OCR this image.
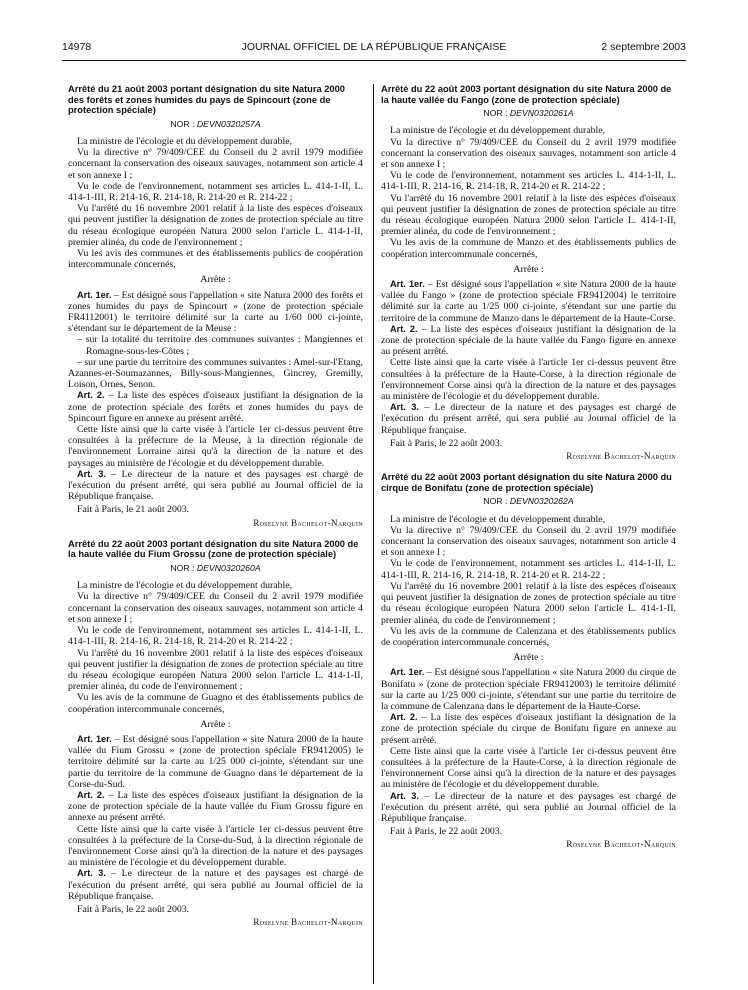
14978	JOURNAL OFFICIEL DE LA RÉPUBLIQUE FRANÇAISE	2 septembre 2003
Arrêté du 21 août 2003 portant désignation du site Natura 2000 des forêts et zones humides du pays de Spincourt (zone de protection spéciale)
NOR : DEVN0320257A

La ministre de l'écologie et du développement durable,

Vu la directive n° 79/409/CEE du Conseil du 2 avril 1979 modifiée concernant la conservation des oiseaux sauvages, notamment son article 4 et son annexe I ;

Vu le code de l'environnement, notamment ses articles L. 414-1-II, L. 414-1-III, R. 214-16, R. 214-18, R. 214-20 et R. 214-22 ;

Vu l'arrêté du 16 novembre 2001 relatif à la liste des espèces d'oiseaux qui peuvent justifier la désignation de zones de protection spéciale au titre du réseau écologique européen Natura 2000 selon l'article L. 414-1-II, premier alinéa, du code de l'environnement ;

Vu les avis des communes et des établissements publics de coopération intercommunale concernés,

Arrête :

Art. 1er. – Est désigné sous l'appellation « site Natura 2000 des forêts et zones humides du pays de Spincourt » (zone de protection spéciale FR4112001) le territoire délimité sur la carte au 1/60 000 ci-jointe, s'étendant sur le département de la Meuse :

– sur la totalité du territoire des communes suivantes : Mangiennes et Romagne-sous-les-Côtes ;

– sur une partie du territoire des communes suivantes : Amel-sur-l'Etang, Azannes-et-Soumazannes, Billy-sous-Mangiennes, Gincrey, Gremilly, Loison, Ornes, Senon.

Art. 2. – La liste des espèces d'oiseaux justifiant la désignation de la zone de protection spéciale des forêts et zones humides du pays de Spincourt figure en annexe au présent arrêté.

Cette liste ainsi que la carte visée à l'article 1er ci-dessus peuvent être consultées à la préfecture de la Meuse, à la direction régionale de l'environnement Lorraine ainsi qu'à la direction de la nature et des paysages au ministère de l'écologie et du développement durable.

Art. 3. – Le directeur de la nature et des paysages est chargé de l'exécution du présent arrêté, qui sera publié au Journal officiel de la République française.

Fait à Paris, le 21 août 2003.

Roselyne Bachelot-Narquin

Arrêté du 22 août 2003 portant désignation du site Natura 2000 de la haute vallée du Fium Grossu (zone de protection spéciale)
NOR : DEVN0320260A

La ministre de l'écologie et du développement durable,

Vu la directive n° 79/409/CEE du Conseil du 2 avril 1979 modifiée concernant la conservation des oiseaux sauvages, notamment son article 4 et son annexe I ;

Vu le code de l'environnement, notamment ses articles L. 414-1-II, L. 414-1-III, R. 214-16, R. 214-18, R. 214-20 et R. 214-22 ;

Vu l'arrêté du 16 novembre 2001 relatif à la liste des espèces d'oiseaux qui peuvent justifier la désignation de zones de protection spéciale au titre du réseau écologique européen Natura 2000 selon l'article L. 414-1-II, premier alinéa, du code de l'environnement ;

Vu les avis de la commune de Guagno et des établissements publics de coopération intercommunale concernés,

Arrête :

Art. 1er. – Est désigné sous l'appellation « site Natura 2000 de la haute vallée du Fium Grossu » (zone de protection spéciale FR9412005) le territoire délimité sur la carte au 1/25 000 ci-jointe, s'étendant sur une partie du territoire de la commune de Guagno dans le département de la Corse-du-Sud.

Art. 2. – La liste des espèces d'oiseaux justifiant la désignation de la zone de protection spéciale de la haute vallée du Fium Grossu figure en annexe au présent arrêté.

Cette liste ainsi que la carte visée à l'article 1er ci-dessus peuvent être consultées à la préfecture de la Corse-du-Sud, à la direction régionale de l'environnement Corse ainsi qu'à la direction de la nature et des paysages au ministère de l'écologie et du développement durable.

Art. 3. – Le directeur de la nature et des paysages est chargé de l'exécution du présent arrêté, qui sera publié au Journal officiel de la République française.

Fait à Paris, le 22 août 2003.

Roselyne Bachelot-Narquin

Arrêté du 22 août 2003 portant désignation du site Natura 2000 de la haute vallée du Fango (zone de protection spéciale)
NOR : DEVN0320261A

La ministre de l'écologie et du développement durable,

Vu la directive n° 79/409/CEE du Conseil du 2 avril 1979 modifiée concernant la conservation des oiseaux sauvages, notamment son article 4 et son annexe I ;

Vu le code de l'environnement, notamment ses articles L. 414-1-II, L. 414-1-III, R. 214-16, R. 214-18, R. 214-20 et R. 214-22 ;

Vu l'arrêté du 16 novembre 2001 relatif à la liste des espèces d'oiseaux qui peuvent justifier la désignation de zones de protection spéciale au titre du réseau écologique européen Natura 2000 selon l'article L. 414-1-II, premier alinéa, du code de l'environnement ;

Vu les avis de la commune de Manzo et des établissements publics de coopération intercommunale concernés,

Arrête :

Art. 1er. – Est désigné sous l'appellation « site Natura 2000 de la haute vallée du Fango » (zone de protection spéciale FR9412004) le territoire délimité sur la carte au 1/25 000 ci-jointe, s'étendant sur une partie du territoire de la commune de Manzo dans le département de la Haute-Corse.

Art. 2. – La liste des espèces d'oiseaux justifiant la désignation de la zone de protection spéciale de la haute vallée du Fango figure en annexe au présent arrêté.

Cette liste ainsi que la carte visée à l'article 1er ci-dessus peuvent être consultées à la préfecture de la Haute-Corse, à la direction régionale de l'environnement Corse ainsi qu'à la direction de la nature et des paysages au ministère de l'écologie et du développement durable.

Art. 3. – Le directeur de la nature et des paysages est chargé de l'exécution du présent arrêté, qui sera publié au Journal officiel de la République française.

Fait à Paris, le 22 août 2003.

Roselyne Bachelot-Narquin

Arrêté du 22 août 2003 portant désignation du site Natura 2000 du cirque de Bonifatu (zone de protection spéciale)
NOR : DEVN0320262A

La ministre de l'écologie et du développement durable,

Vu la directive n° 79/409/CEE du Conseil du 2 avril 1979 modifiée concernant la conservation des oiseaux sauvages, notamment son article 4 et son annexe I ;

Vu le code de l'environnement, notamment ses articles L. 414-1-II, L. 414-1-III, R. 214-16, R. 214-18, R. 214-20 et R. 214-22 ;

Vu l'arrêté du 16 novembre 2001 relatif à la liste des espèces d'oiseaux qui peuvent justifier la désignation de zones de protection spéciale au titre du réseau écologique européen Natura 2000 selon l'article L. 414-1-II, premier alinéa, du code de l'environnement ;

Vu les avis de la commune de Calenzana et des établissements publics de coopération intercommunale concernés,

Arrête :

Art. 1er. – Est désigné sous l'appellation « site Natura 2000 du cirque de Bonifatu » (zone de protection spéciale FR9412003) le territoire délimité sur la carte au 1/25 000 ci-jointe, s'étendant sur une partie du territoire de la commune de Calenzana dans le département de la Haute-Corse.

Art. 2. – La liste des espèces d'oiseaux justifiant la désignation de la zone de protection spéciale du cirque de Bonifatu figure en annexe au présent arrêté.

Cette liste ainsi que la carte visée à l'article 1er ci-dessus peuvent être consultées à la préfecture de la Haute-Corse, à la direction régionale de l'environnement Corse ainsi qu'à la direction de la nature et des paysages au ministère de l'écologie et du développement durable.

Art. 3. – Le directeur de la nature et des paysages est chargé de l'exécution du présent arrêté, qui sera publié au Journal officiel de la République française.

Fait à Paris, le 22 août 2003.

Roselyne Bachelot-Narquin
